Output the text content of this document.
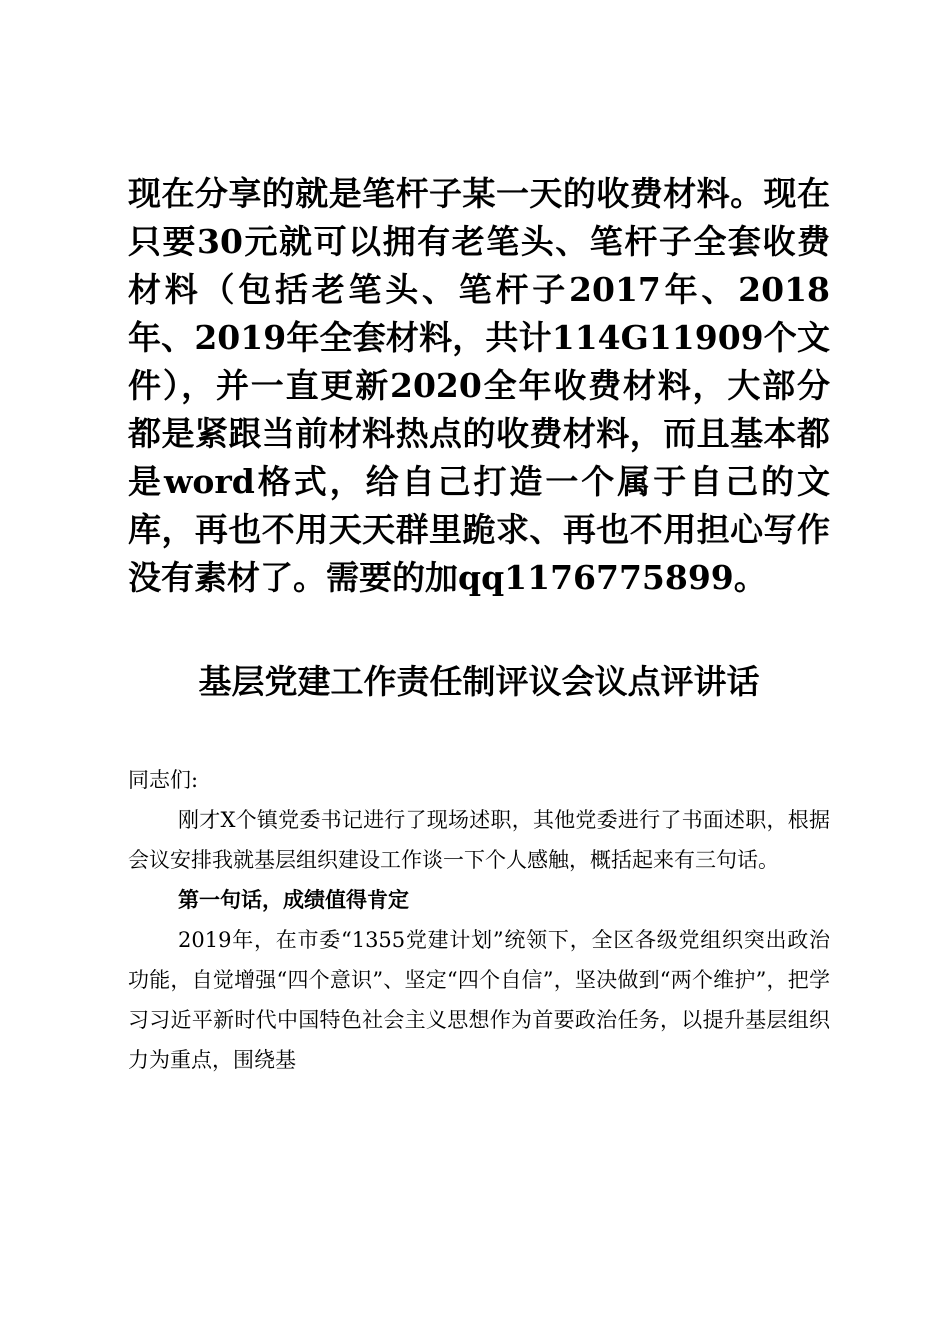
现在分享的就是笔杆子某一天的收费材料。现在只要30元就可以拥有老笔头、笔杆子全套收费材料（包括老笔头、笔杆子2017年、2018年、2019年全套材料，共计114G11909个文件），并一直更新2020全年收费材料，大部分都是紧跟当前材料热点的收费材料，而且基本都是word格式，给自己打造一个属于自己的文库，再也不用天天群里跪求、再也不用担心写作没有素材了。需要的加qq1176775899。
基层党建工作责任制评议会议点评讲话

同志们:

刚才X个镇党委书记进行了现场述职，其他党委进行了书面述职，根据会议安排我就基层组织建设工作谈一下个人感触，概括起来有三句话。

第一句话，成绩值得肯定

2019年，在市委“1355党建计划”统领下，全区各级党组织突出政治功能，自觉增强“四个意识”、坚定“四个自信”，坚决做到“两个维护”，把学习习近平新时代中国特色社会主义思想作为首要政治任务，以提升基层组织力为重点，围绕基
